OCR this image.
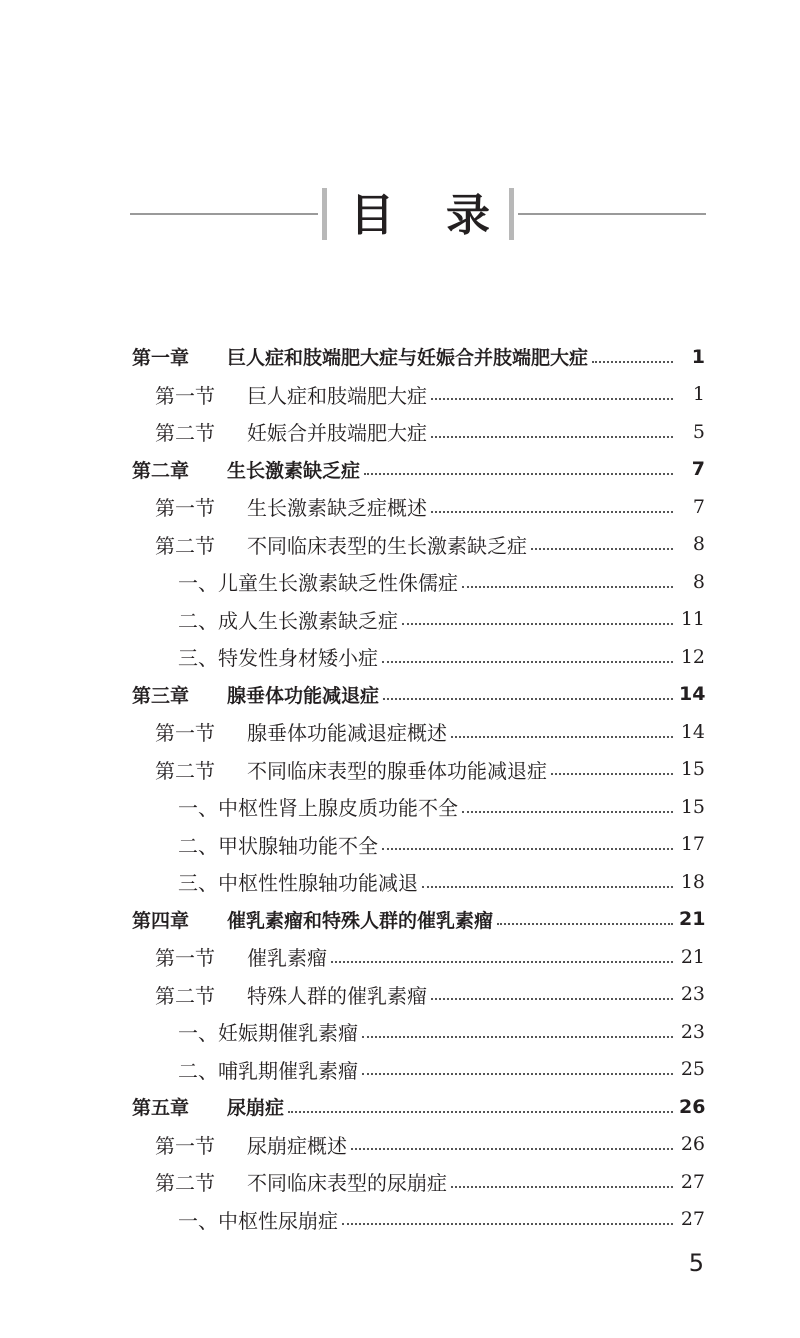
目 录
第一章	巨人症和肢端肥大症与妊娠合并肢端肥大症	1
第一节	巨人症和肢端肥大症	1
第二节	妊娠合并肢端肥大症	5
第二章	生长激素缺乏症	7
第一节	生长激素缺乏症概述	7
第二节	不同临床表型的生长激素缺乏症	8
一、儿童生长激素缺乏性侏儒症	8
二、成人生长激素缺乏症	11
三、特发性身材矮小症	12
第三章	腺垂体功能减退症	14
第一节	腺垂体功能减退症概述	14
第二节	不同临床表型的腺垂体功能减退症	15
一、中枢性肾上腺皮质功能不全	15
二、甲状腺轴功能不全	17
三、中枢性性腺轴功能减退	18
第四章	催乳素瘤和特殊人群的催乳素瘤	21
第一节	催乳素瘤	21
第二节	特殊人群的催乳素瘤	23
一、妊娠期催乳素瘤	23
二、哺乳期催乳素瘤	25
第五章	尿崩症	26
第一节	尿崩症概述	26
第二节	不同临床表型的尿崩症	27
一、中枢性尿崩症	27
5
